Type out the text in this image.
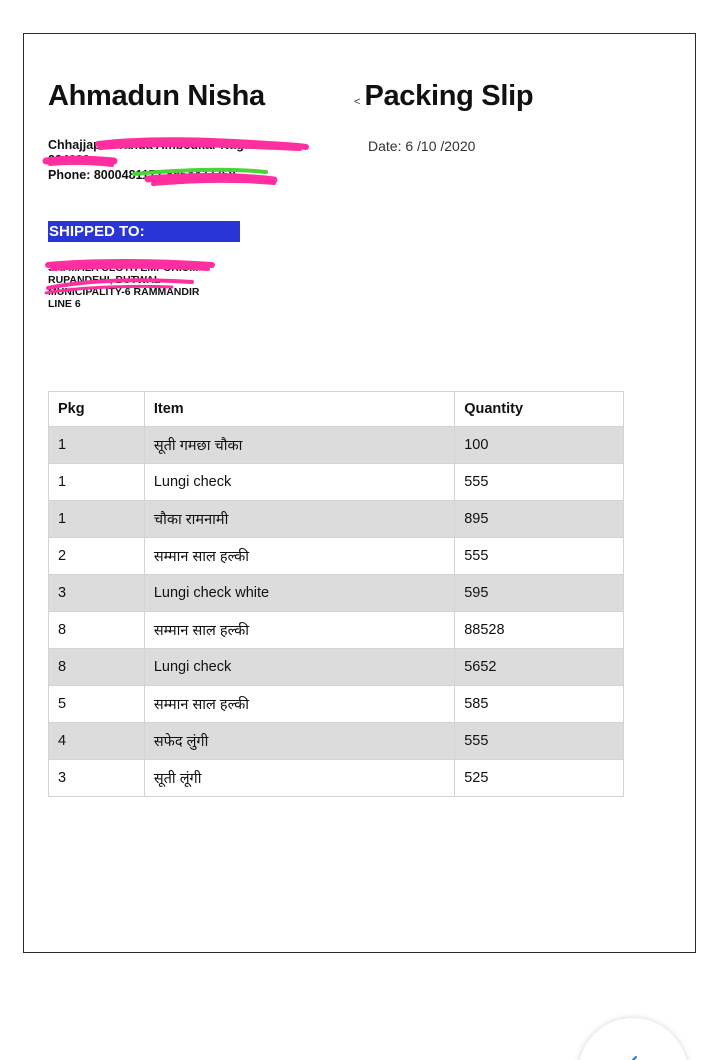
Ahmadun Nisha	< Packing Slip
Chhajjapur Tanda Ambedkar Nagar
224190
Phone: 8000481177,8854477758
Date: 6 /10 /2020
SHIPPED TO:
SAI MALA CLOTH EMPORIUM
RUPANDEHI, BUTWAL
MUNICIPALITY-6 RAMMANDIR
LINE 6
Pkg	Item	Quantity
1	सूती गमछा चौका	100
1	Lungi check	555
1	चौका रामनामी	895
2	सम्मान साल हल्की	555
3	Lungi check white	595
8	सम्मान साल हल्की	88528
8	Lungi check	5652
5	सम्मान साल हल्की	585
4	सफेद लुंगी	555
3	सूती लूंगी	525
